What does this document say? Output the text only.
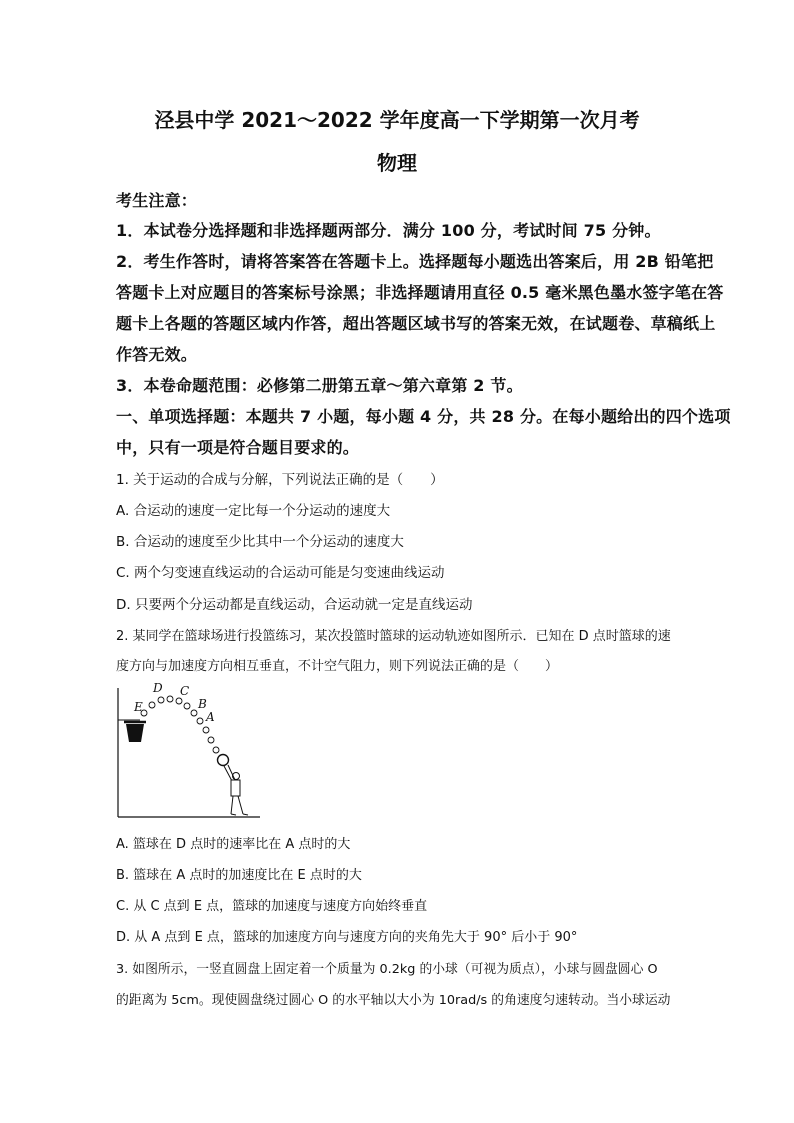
泾县中学 2021～2022 学年度高一下学期第一次月考
物理
考生注意：
1．本试卷分选择题和非选择题两部分．满分 100 分，考试时间 75 分钟。
2．考生作答时，请将答案答在答题卡上。选择题每小题选出答案后，用 2B 铅笔把
答题卡上对应题目的答案标号涂黑；非选择题请用直径 0.5 毫米黑色墨水签字笔在答
题卡上各题的答题区域内作答，超出答题区域书写的答案无效，在试题卷、草稿纸上
作答无效。
3．本卷命题范围：必修第二册第五章～第六章第 2 节。
一、单项选择题：本题共 7 小题，每小题 4 分，共 28 分。在每小题给出的四个选项
中，只有一项是符合题目要求的。
1. 关于运动的合成与分解，下列说法正确的是（　　）
A. 合运动的速度一定比每一个分运动的速度大
B. 合运动的速度至少比其中一个分运动的速度大
C. 两个匀变速直线运动的合运动可能是匀变速曲线运动
D. 只要两个分运动都是直线运动，合运动就一定是直线运动
2. 某同学在篮球场进行投篮练习，某次投篮时篮球的运动轨迹如图所示．已知在 D 点时篮球的速
度方向与加速度方向相互垂直，不计空气阻力，则下列说法正确的是（　　）
D C
B
A
E
A. 篮球在 D 点时的速率比在 A 点时的大
B. 篮球在 A 点时的加速度比在 E 点时的大
C. 从 C 点到 E 点，篮球的加速度与速度方向始终垂直
D. 从 A 点到 E 点，篮球的加速度方向与速度方向的夹角先大于 90° 后小于 90°
3. 如图所示，一竖直圆盘上固定着一个质量为 0.2kg 的小球（可视为质点），小球与圆盘圆心 O
的距离为 5cm。现使圆盘绕过圆心 O 的水平轴以大小为 10rad/s 的角速度匀速转动。当小球运动
